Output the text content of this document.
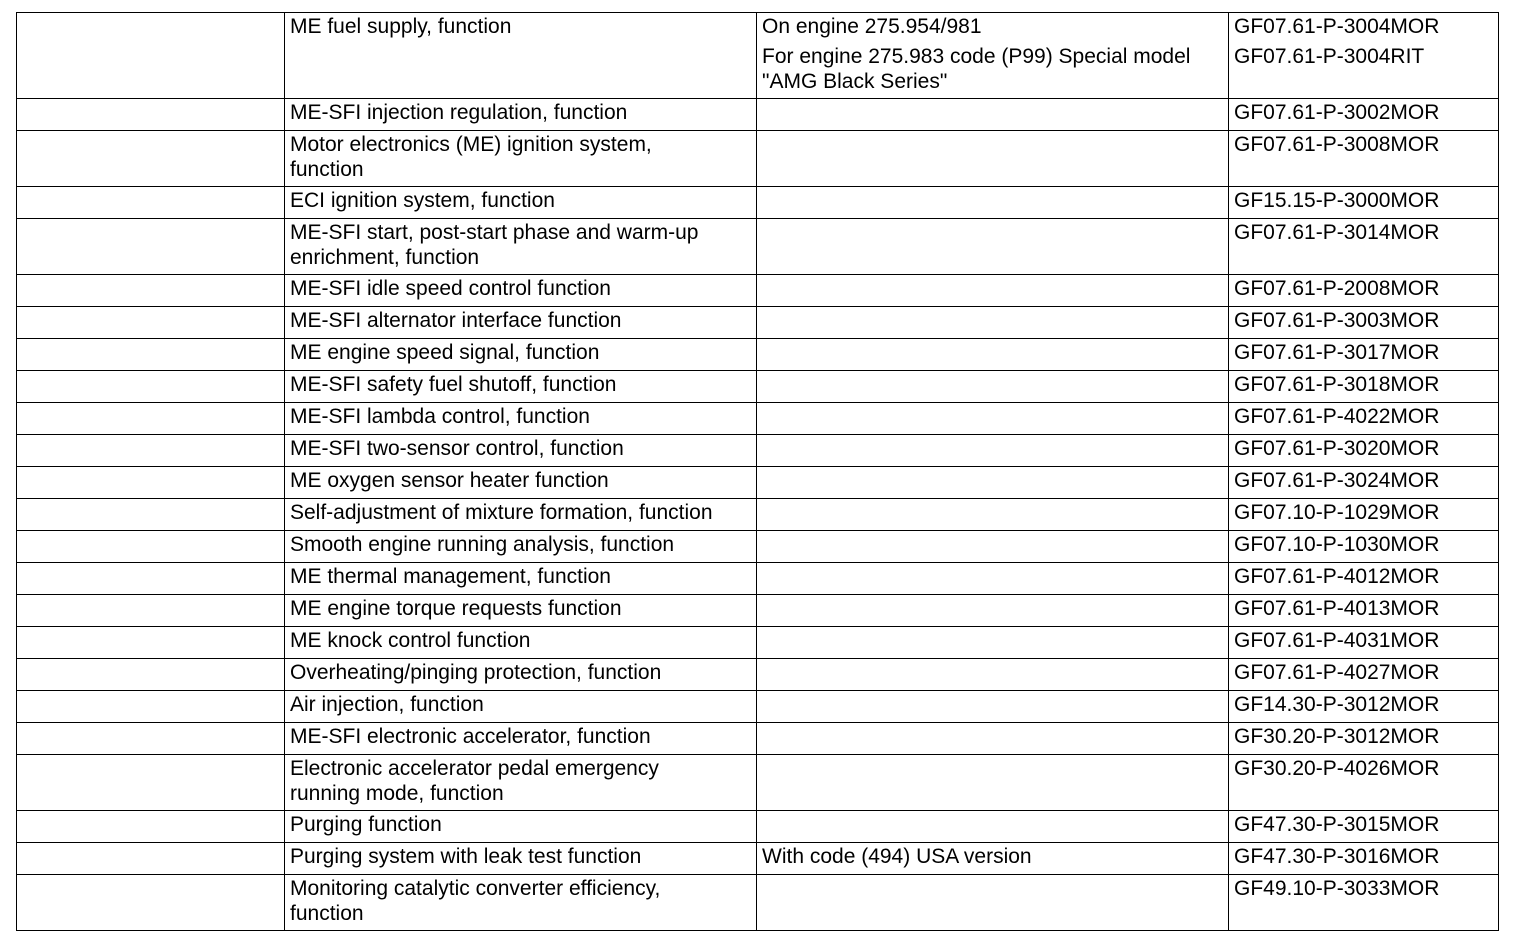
	ME fuel supply, function	On engine 275.954/981
For engine 275.983 code (P99) Special model
"AMG Black Series"	GF07.61-P-3004MOR
GF07.61-P-3004RIT

	ME-SFI injection regulation, function		GF07.61-P-3002MOR

	Motor electronics (ME) ignition system,
function		GF07.61-P-3008MOR

	ECI ignition system, function		GF15.15-P-3000MOR

	ME-SFI start, post-start phase and warm-up
enrichment, function		GF07.61-P-3014MOR

	ME-SFI idle speed control function		GF07.61-P-2008MOR

	ME-SFI alternator interface function		GF07.61-P-3003MOR

	ME engine speed signal, function		GF07.61-P-3017MOR

	ME-SFI safety fuel shutoff, function		GF07.61-P-3018MOR

	ME-SFI lambda control, function		GF07.61-P-4022MOR

	ME-SFI two-sensor control, function		GF07.61-P-3020MOR

	ME oxygen sensor heater function		GF07.61-P-3024MOR

	Self-adjustment of mixture formation, function		GF07.10-P-1029MOR

	Smooth engine running analysis, function		GF07.10-P-1030MOR

	ME thermal management, function		GF07.61-P-4012MOR

	ME engine torque requests function		GF07.61-P-4013MOR

	ME knock control function		GF07.61-P-4031MOR

	Overheating/pinging protection, function		GF07.61-P-4027MOR

	Air injection, function		GF14.30-P-3012MOR

	ME-SFI electronic accelerator, function		GF30.20-P-3012MOR

	Electronic accelerator pedal emergency
running mode, function		GF30.20-P-4026MOR

	Purging function		GF47.30-P-3015MOR

	Purging system with leak test function	With code (494) USA version	GF47.30-P-3016MOR

	Monitoring catalytic converter efficiency,
function		GF49.10-P-3033MOR
